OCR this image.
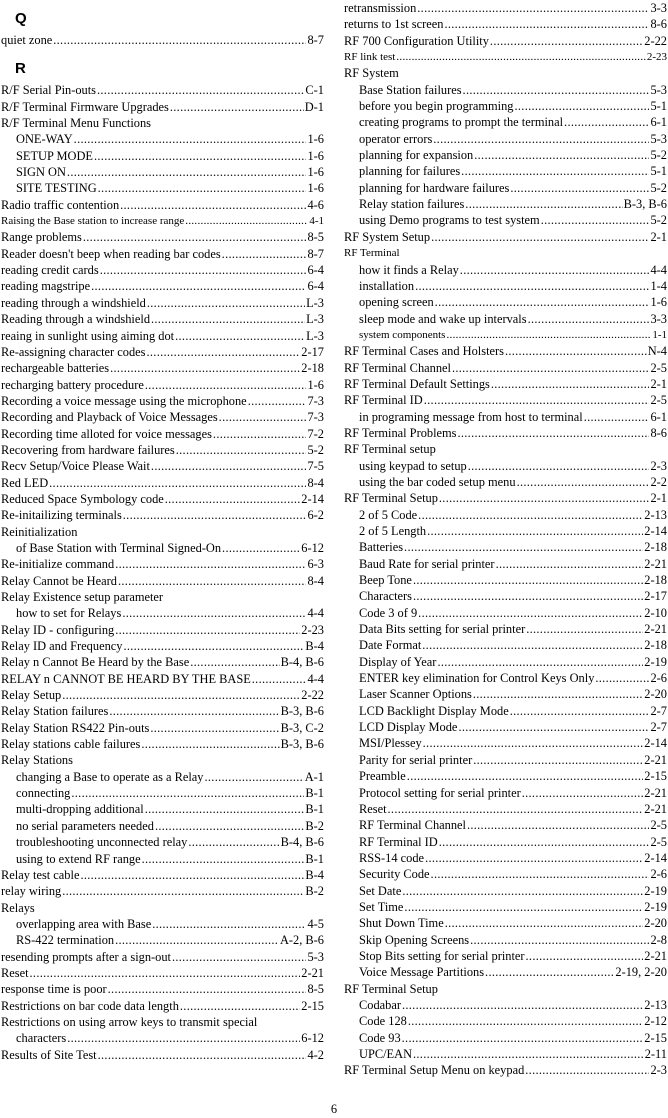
Q
quiet zone .....	8-7
R
R/F Serial Pin-outs .....	C-1
R/F Terminal Firmware Upgrades .....	D-1
R/F Terminal Menu Functions
ONE-WAY .....	1-6
SETUP MODE .....	1-6
SIGN ON .....	1-6
SITE TESTING .....	1-6
Radio traffic contention .....	4-6
Raising the Base station to increase range .....	4-1
Range problems .....	8-5
Reader doesn't beep when reading bar codes .....	8-7
reading credit cards .....	6-4
reading magstripe .....	6-4
reading through a windshield .....	L-3
Reading through a windshield .....	L-3
reaing in sunlight using aiming dot .....	L-3
Re-assigning character codes .....	2-17
rechargeable batteries .....	2-18
recharging battery procedure .....	1-6
Recording a voice message using the microphone .....	7-3
Recording and Playback of Voice Messages .....	7-3
Recording time alloted for voice messages .....	7-2
Recovering from hardware failures .....	5-2
Recv Setup/Voice Please Wait .....	7-5
Red LED .....	8-4
Reduced Space Symbology code .....	2-14
Re-initailizing terminals .....	6-2
Reinitialization
of Base Station with Terminal Signed-On .....	6-12
Re-initialize command .....	6-3
Relay Cannot be Heard .....	8-4
Relay Existence setup parameter
how to set for Relays .....	4-4
Relay ID - configuring .....	2-23
Relay ID and Frequency .....	B-4
Relay n Cannot Be Heard by the Base .....	B-4, B-6
RELAY n CANNOT BE HEARD BY THE BASE .....	4-4
Relay Setup .....	2-22
Relay Station failures .....	B-3, B-6
Relay Station RS422 Pin-outs .....	B-3, C-2
Relay stations cable failures .....	B-3, B-6
Relay Stations
changing a Base to operate as a Relay .....	A-1
connecting .....	B-1
multi-dropping additional .....	B-1
no serial parameters needed .....	B-2
troubleshooting unconnected relay .....	B-4, B-6
using to extend RF range .....	B-1
Relay test cable .....	B-4
relay wiring .....	B-2
Relays
overlapping area with Base .....	4-5
RS-422 termination .....	A-2, B-6
resending prompts after a sign-out .....	5-3
Reset .....	2-21
response time is poor .....	8-5
Restrictions on bar code data length .....	2-15
Restrictions on using arrow keys to transmit special
characters .....	6-12
Results of Site Test .....	4-2
retransmission .....	3-3
returns to 1st screen .....	8-6
RF 700 Configuration Utility .....	2-22
RF link test .....	2-23
RF System
Base Station failures .....	5-3
before you begin programming .....	5-1
creating programs to prompt the terminal .....	6-1
operator errors .....	5-3
planning for expansion .....	5-2
planning for failures .....	5-1
planning for hardware failures .....	5-2
Relay station failures .....	B-3, B-6
using Demo programs to test system .....	5-2
RF System Setup .....	2-1
RF Terminal
how it finds a Relay .....	4-4
installation .....	1-4
opening screen .....	1-6
sleep mode and wake up intervals .....	3-3
system components .....	1-1
RF Terminal Cases and Holsters .....	N-4
RF Terminal Channel .....	2-5
RF Terminal Default Settings .....	2-1
RF Terminal ID .....	2-5
in programing message from host to terminal .....	6-1
RF Terminal Problems .....	8-6
RF Terminal setup
using keypad to setup .....	2-3
using the bar coded setup menu .....	2-2
RF Terminal Setup .....	2-1
2 of 5 Code .....	2-13
2 of 5 Length .....	2-14
Batteries .....	2-18
Baud Rate for serial printer .....	2-21
Beep Tone .....	2-18
Characters .....	2-17
Code 3 of 9 .....	2-10
Data Bits setting for serial printer .....	2-21
Date Format .....	2-18
Display of Year .....	2-19
ENTER key elimination for Control Keys Only .....	2-6
Laser Scanner Options .....	2-20
LCD Backlight Display Mode .....	2-7
LCD Display Mode .....	2-7
MSI/Plessey .....	2-14
Parity for serial printer .....	2-21
Preamble .....	2-15
Protocol setting for serial printer .....	2-21
Reset .....	2-21
RF Terminal Channel .....	2-5
RF Terminal ID .....	2-5
RSS-14 code .....	2-14
Security Code .....	2-6
Set Date .....	2-19
Set Time .....	2-19
Shut Down Time .....	2-20
Skip Opening Screens .....	2-8
Stop Bits setting for serial printer .....	2-21
Voice Message Partitions .....	2-19, 2-20
RF Terminal Setup
Codabar .....	2-13
Code 128 .....	2-12
Code 93 .....	2-15
UPC/EAN .....	2-11
RF Terminal Setup Menu on keypad .....	2-3
6
